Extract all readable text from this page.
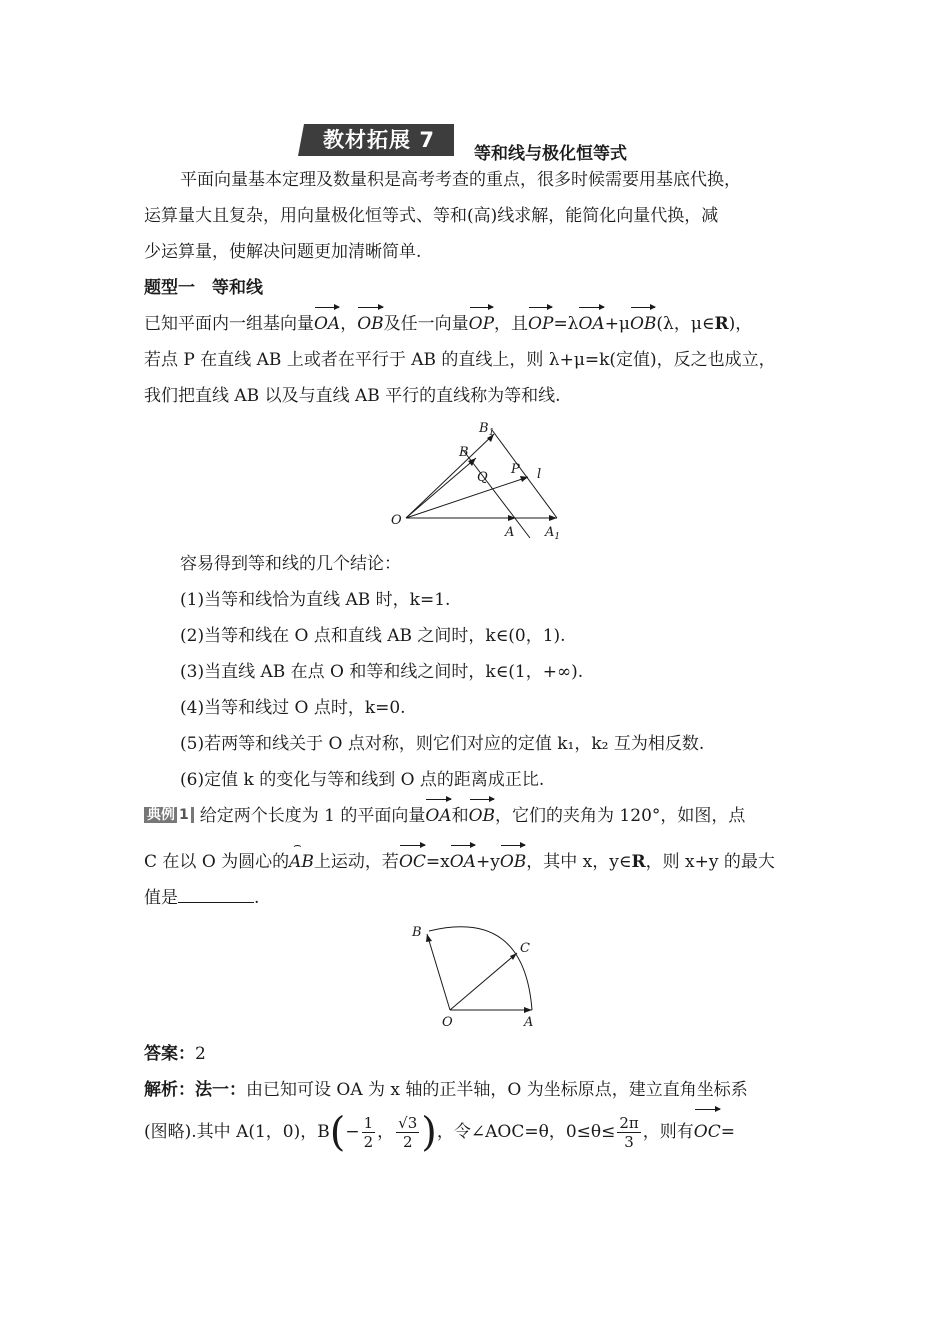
教材拓展 7
等和线与极化恒等式

平面向量基本定理及数量积是高考考查的重点，很多时候需要用基底代换，

运算量大且复杂，用向量极化恒等式、等和(高)线求解，能简化向量代换，减

少运算量，使解决问题更加清晰简单.

题型一　等和线

已知平面内一组基向量OA，OB及任一向量OP，且OP=λOA+μOB(λ，μ∈R)，

若点 P 在直线 AB 上或者在平行于 AB 的直线上，则 λ+μ=k(定值)，反之也成立，

我们把直线 AB 以及与直线 AB 平行的直线称为等和线.

O
A $A_1$
B
$B_1$
P
Q	l

容易得到等和线的几个结论：

(1)当等和线恰为直线 AB 时，k=1.

(2)当等和线在 O 点和直线 AB 之间时，k∈(0，1).

(3)当直线 AB 在点 O 和等和线之间时，k∈(1，+∞).

(4)当等和线过 O 点时，k=0.

(5)若两等和线关于 O 点对称，则它们对应的定值 k₁，k₂ 互为相反数.

(6)定值 k 的变化与等和线到 O 点的距离成正比.

典例 1 给定两个长度为 1 的平面向量OA和OB，它们的夹角为 120°，如图，点

C 在以 O 为圆心的⌢ AB上运动，若OC=xOA+yOB，其中 x，y∈R，则 x+y 的最大

值是	.

O	A
B
C

答案：2

解析：法一：由已知可设 OA 为 x 轴的正半轴，O 为坐标原点，建立直角坐标系

(图略).其中 A(1，0)，$B(- \frac{1}{2}$ ， $\frac{√3}{2}$ )，令∠AOC=θ，$0\le\theta\le \frac{2\pi}{3}$ ，则有OC=
